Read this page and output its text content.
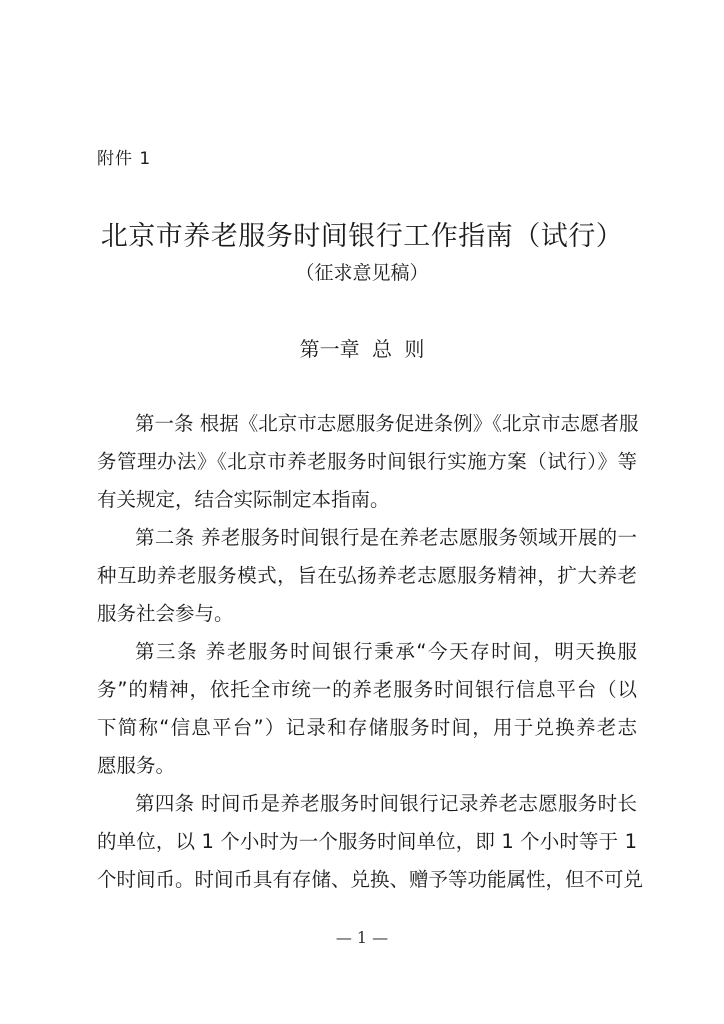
附件 1
北京市养老服务时间银行工作指南（试行）
（征求意见稿）
第一章 总 则
第一条 根据《北京市志愿服务促进条例》《北京市志愿者服
务管理办法》《北京市养老服务时间银行实施方案（试行）》等
有关规定，结合实际制定本指南。
第二条 养老服务时间银行是在养老志愿服务领域开展的一
种互助养老服务模式，旨在弘扬养老志愿服务精神，扩大养老
服务社会参与。
第三条 养老服务时间银行秉承“今天存时间，明天换服
务”的精神，依托全市统一的养老服务时间银行信息平台（以
下简称“信息平台”）记录和存储服务时间，用于兑换养老志
愿服务。
第四条 时间币是养老服务时间银行记录养老志愿服务时长
的单位，以 1 个小时为一个服务时间单位，即 1 个小时等于 1
个时间币。时间币具有存储、兑换、赠予等功能属性，但不可兑
— 1 —
